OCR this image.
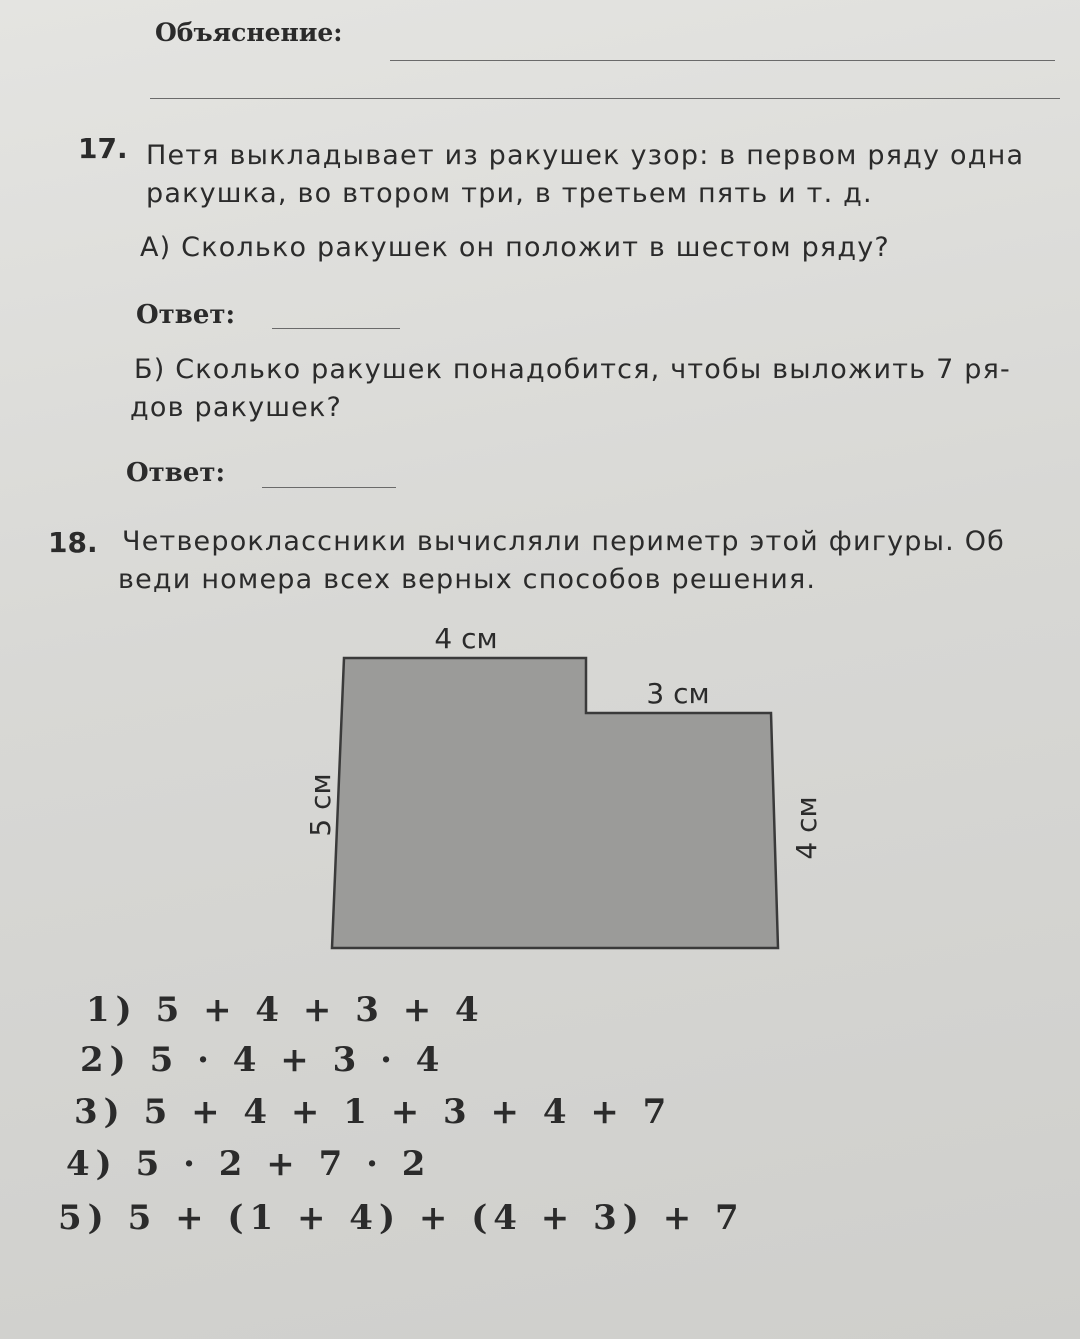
Объяснение:
17. Петя выкладывает из ракушек узор: в первом ряду одна
ракушка, во втором три, в третьем пять и т. д.
А) Сколько ракушек он положит в шестом ряду?
Ответ:
Б) Сколько ракушек понадобится, чтобы выложить 7 ря-
дов ракушек?
Ответ:
18. Четвероклассники вычисляли периметр этой фигуры. Об
веди номера всех верных способов решения.
4 см
3 см
5 см	4 см
1) 5 + 4 + 3 + 4
2) 5 · 4 + 3 · 4
3) 5 + 4 + 1 + 3 + 4 + 7
4) 5 · 2 + 7 · 2
5) 5 + (1 + 4) + (4 + 3) + 7
